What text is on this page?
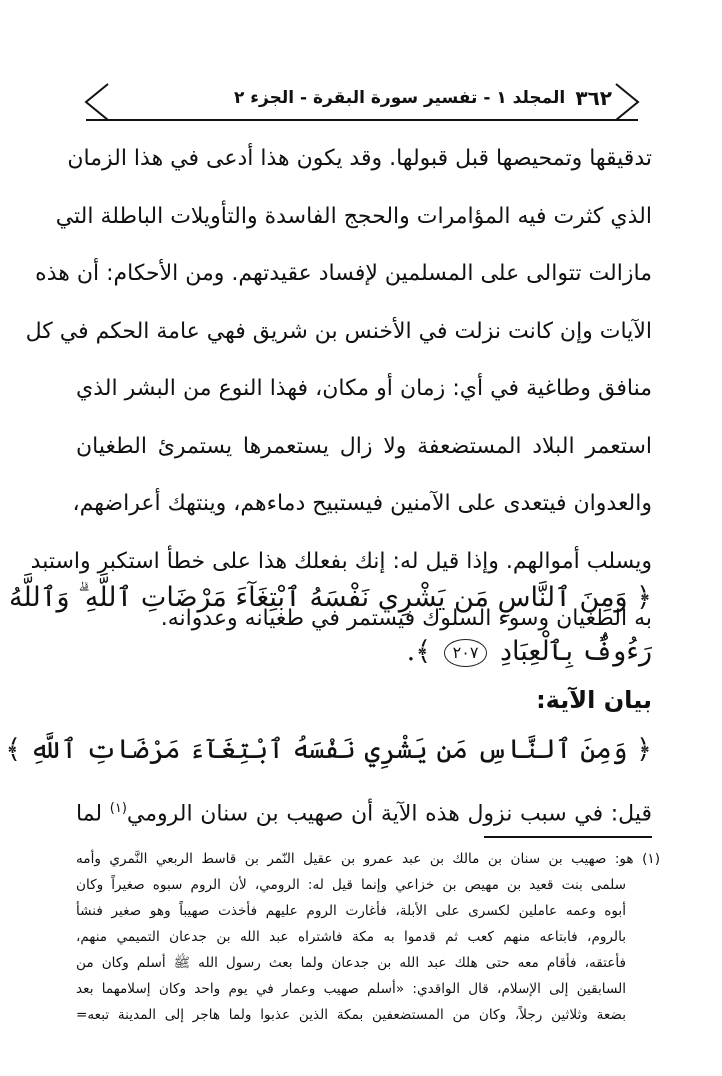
٣٦٢
المجلد ١ - تفسير سورة البقرة - الجزء ٢
تدقيقها وتمحيصها قبل قبولها. وقد يكون هذا أدعى في هذا الزمان
الذي كثرت فيه المؤامرات والحجج الفاسدة والتأويلات الباطلة التي
مازالت تتوالى على المسلمين لإفساد عقيدتهم. ومن الأحكام: أن هذه
الآيات وإن كانت نزلت في الأخنس بن شريق فهي عامة الحكم في كل
منافق وطاغية في أي: زمان أو مكان، فهذا النوع من البشر الذي
استعمر البلاد المستضعفة ولا زال يستعمرها يستمرئ الطغيان
والعدوان فيتعدى على الآمنين فيستبيح دماءهم، وينتهك أعراضهم،
ويسلب أموالهم. وإذا قيل له: إنك بفعلك هذا على خطأ استكبر واستبد
به الطغيان وسوء السلوك فيستمر في طغيانه وعدوانه.
﴿ وَمِنَ ٱلنَّاسِ مَن يَشْرِي نَفْسَهُ ٱبْتِغَآءَ مَرْضَاتِ ٱللَّهِ ۗ وَٱللَّهُ
رَءُوفٌۢ بِٱلْعِبَادِ ٢٠٧ ﴾.
بيان الآية:
﴿ وَمِنَ ٱلنَّاسِ مَن يَشْرِي نَفْسَهُ ٱبْتِغَآءَ مَرْضَاتِ ٱللَّهِ ﴾
قيل: في سبب نزول هذه الآية أن صهيب بن سنان الرومي$^{(١)}$ لما
(١) هو: صهيب بن سنان بن مالك بن عبد عمرو بن عقيل النّمر بن قاسط الربعي النَّمري وأمه
سلمى بنت قعيد بن مهيص بن خزاعي وإنما قيل له: الرومي، لأن الروم سبوه صغيراً وكان
أبوه وعمه عاملين لكسرى على الأبلة، فأغارت الروم عليهم فأخذت صهيباً وهو صغير فنشأ
بالروم، فابتاعه منهم كعب ثم قدموا به مكة فاشتراه عبد الله بن جدعان التميمي منهم،
فأعتقه، فأقام معه حتى هلك عبد الله بن جدعان ولما بعث رسول الله ﷺ أسلم وكان من
السابقين إلى الإسلام، قال الواقدي: «أسلم صهيب وعمار في يوم واحد وكان إسلامهما بعد
بضعة وثلاثين رجلاً، وكان من المستضعفين بمكة الذين عذبوا ولما هاجر إلى المدينة تبعه=
